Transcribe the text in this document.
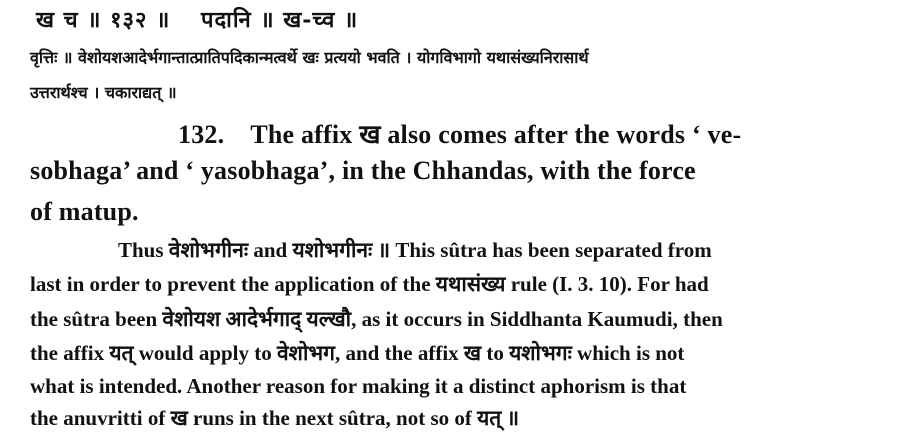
ख च ॥ १३२ ॥ पदानि ॥ ख-च्व ॥
वृत्तिः ॥ वेशोयशआदेर्भगान्तात्प्रातिपदिकान्मत्वर्थे खः प्रत्ययो भवति । योगविभागो यथासंख्यनिरासार्थ
उत्तरार्थश्च । चकाराद्यत् ॥
132. The affix ख also comes after the words ‘ ve-
sobhaga’ and ‘ yasobhaga’, in the Chhandas, with the force
of matup.
Thus वेशोभगीनः and यशोभगीनः ॥ This sûtra has been separated from
last in order to prevent the application of the यथासंख्य rule (I. 3. 10). For had
the sûtra been वेशोयश आदेर्भगाद् यल्खौ, as it occurs in Siddhanta Kaumudi, then
the affix यत् would apply to वेशोभग, and the affix ख to यशोभगः which is not
what is intended. Another reason for making it a distinct aphorism is that
the anuvritti of ख runs in the next sûtra, not so of यत् ॥
